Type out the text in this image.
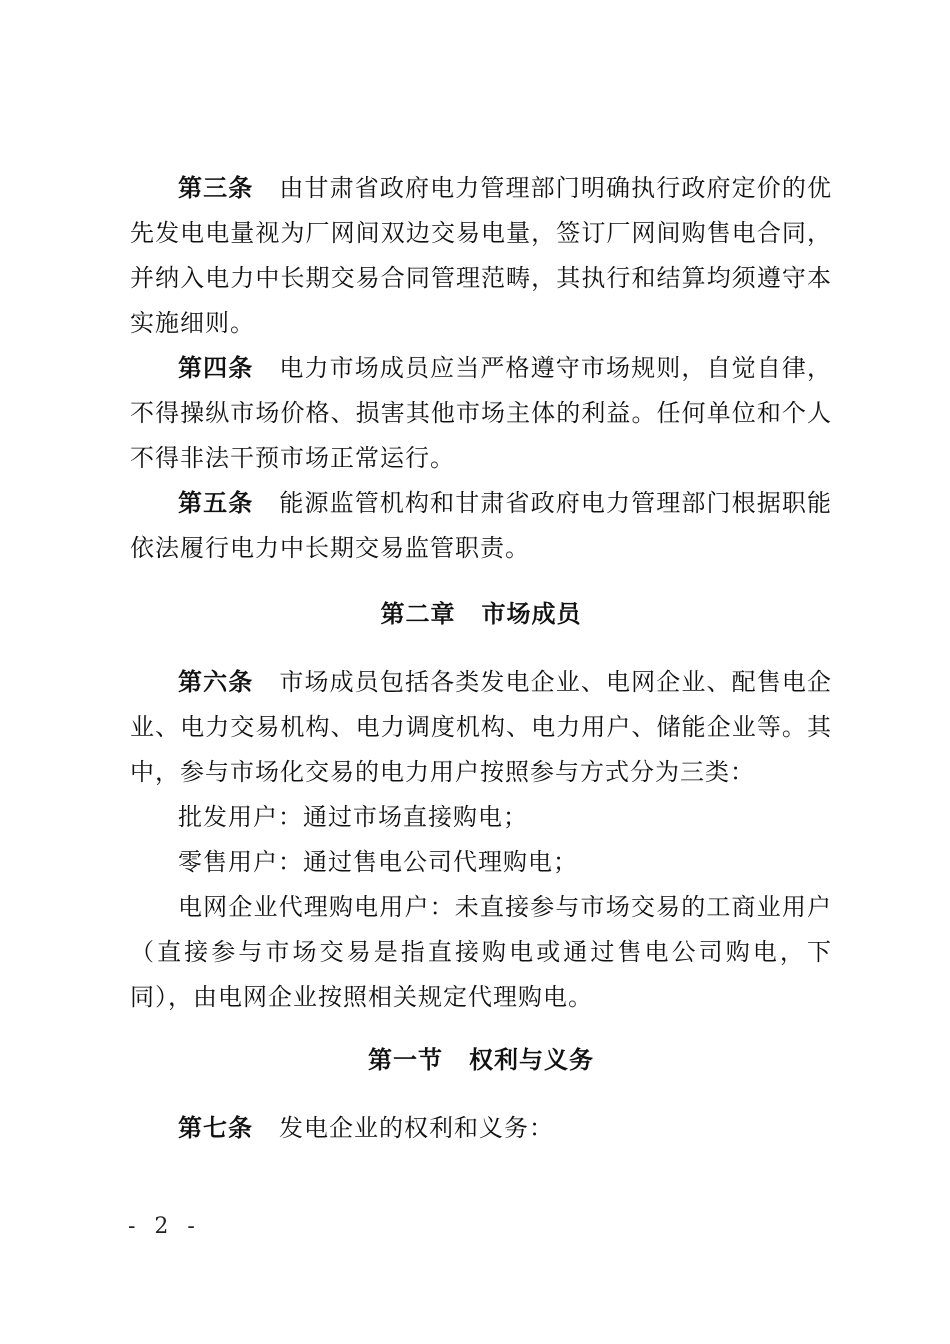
第三条 由甘肃省政府电力管理部门明确执行政府定价的优先发电电量视为厂网间双边交易电量，签订厂网间购售电合同，并纳入电力中长期交易合同管理范畴，其执行和结算均须遵守本实施细则。

第四条 电力市场成员应当严格遵守市场规则，自觉自律，不得操纵市场价格、损害其他市场主体的利益。任何单位和个人不得非法干预市场正常运行。

第五条 能源监管机构和甘肃省政府电力管理部门根据职能依法履行电力中长期交易监管职责。

第二章 市场成员

第六条 市场成员包括各类发电企业、电网企业、配售电企业、电力交易机构、电力调度机构、电力用户、储能企业等。其中，参与市场化交易的电力用户按照参与方式分为三类：

批发用户：通过市场直接购电；

零售用户：通过售电公司代理购电；

电网企业代理购电用户：未直接参与市场交易的工商业用户（直接参与市场交易是指直接购电或通过售电公司购电，下同），由电网企业按照相关规定代理购电。

第一节 权利与义务

第七条 发电企业的权利和义务：

- 2 -
